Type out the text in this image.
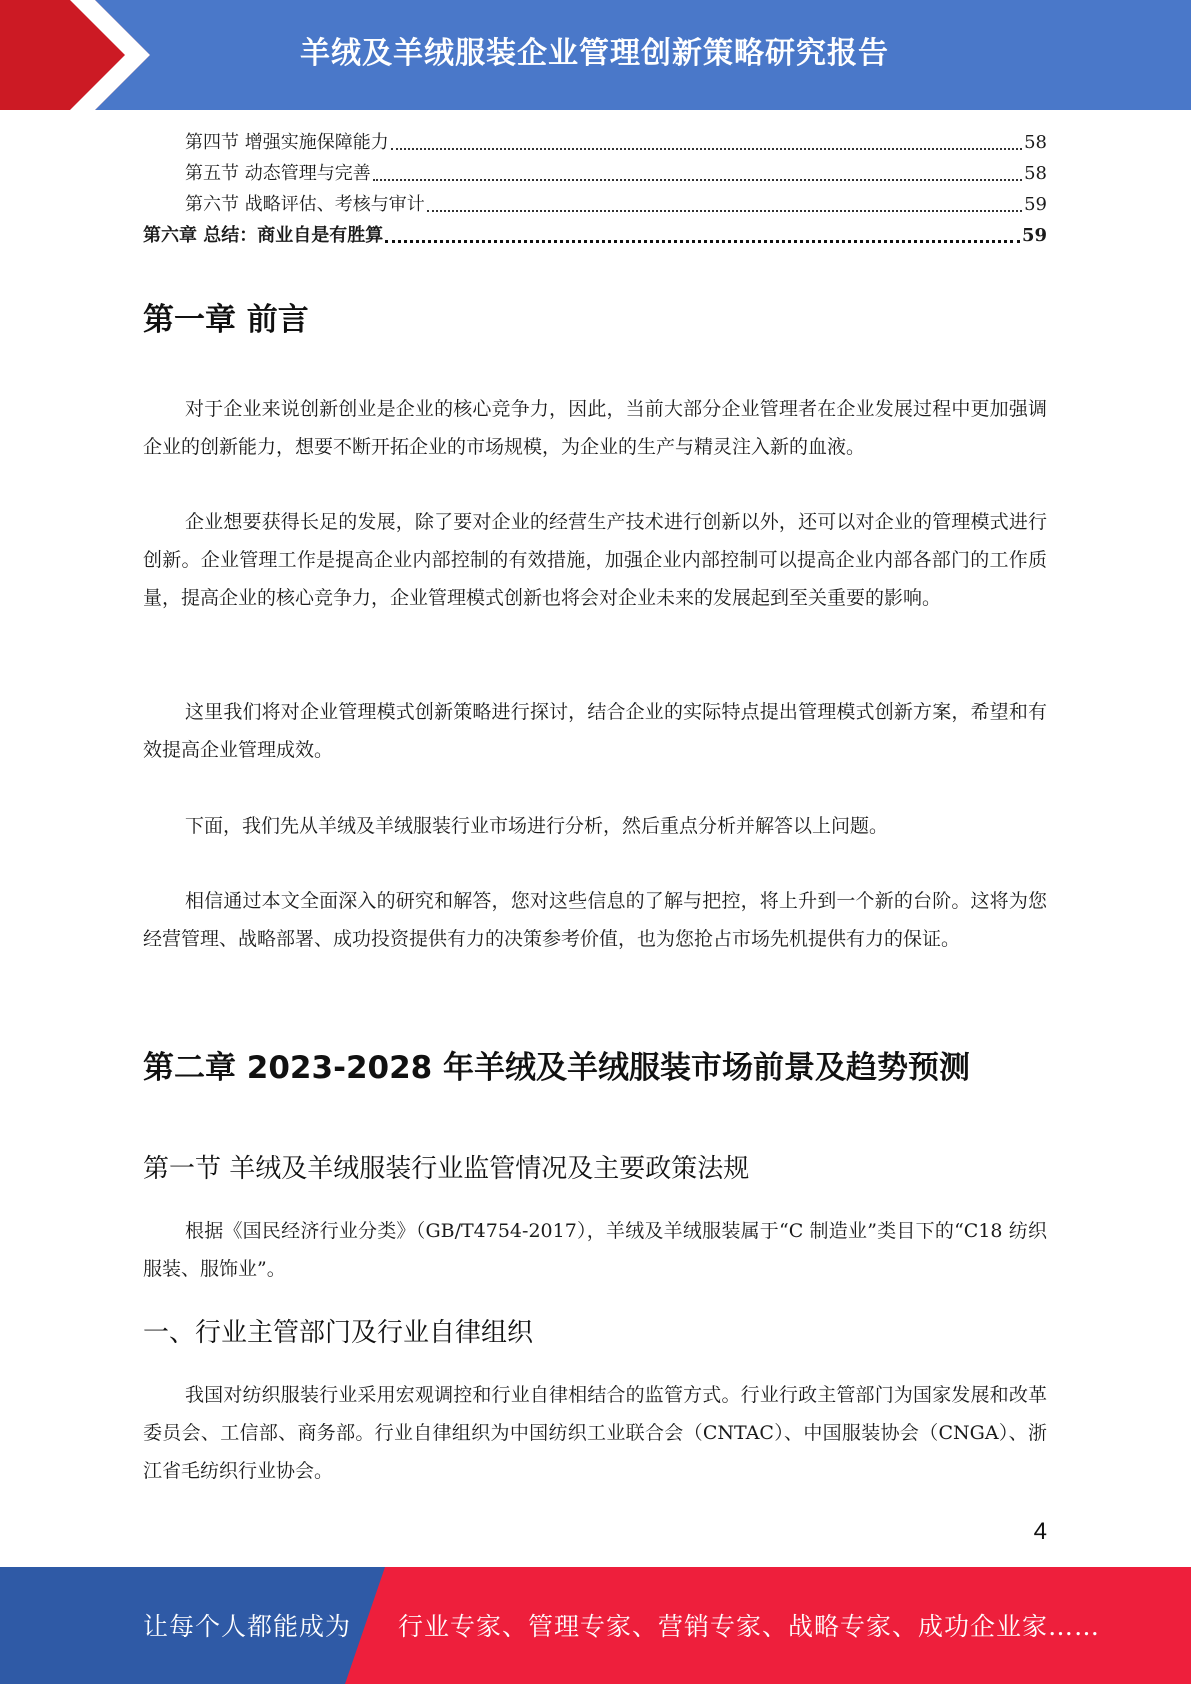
羊绒及羊绒服装企业管理创新策略研究报告
第四节 增强实施保障能力	58
第五节 动态管理与完善	58
第六节 战略评估、考核与审计	59
第六章 总结：商业自是有胜算	59
第一章 前言

对于企业来说创新创业是企业的核心竞争力，因此，当前大部分企业管理者在企业发展过程中更加强调企业的创新能力，想要不断开拓企业的市场规模，为企业的生产与精灵注入新的血液。

企业想要获得长足的发展，除了要对企业的经营生产技术进行创新以外，还可以对企业的管理模式进行创新。企业管理工作是提高企业内部控制的有效措施，加强企业内部控制可以提高企业内部各部门的工作质量，提高企业的核心竞争力，企业管理模式创新也将会对企业未来的发展起到至关重要的影响。

这里我们将对企业管理模式创新策略进行探讨，结合企业的实际特点提出管理模式创新方案，希望和有效提高企业管理成效。

下面，我们先从羊绒及羊绒服装行业市场进行分析，然后重点分析并解答以上问题。

相信通过本文全面深入的研究和解答，您对这些信息的了解与把控，将上升到一个新的台阶。这将为您经营管理、战略部署、成功投资提供有力的决策参考价值，也为您抢占市场先机提供有力的保证。

第二章 2023-2028 年羊绒及羊绒服装市场前景及趋势预测
第一节 羊绒及羊绒服装行业监管情况及主要政策法规

根据《国民经济行业分类》（GB/T4754-2017），羊绒及羊绒服装属于“C 制造业”类目下的“C18 纺织服装、服饰业”。

一、行业主管部门及行业自律组织

我国对纺织服装行业采用宏观调控和行业自律相结合的监管方式。行业行政主管部门为国家发展和改革委员会、工信部、商务部。行业自律组织为中国纺织工业联合会（CNTAC）、中国服装协会（CNGA）、浙江省毛纺织行业协会。

4
让每个人都能成为 行业专家、管理专家、营销专家、战略专家、成功企业家……
